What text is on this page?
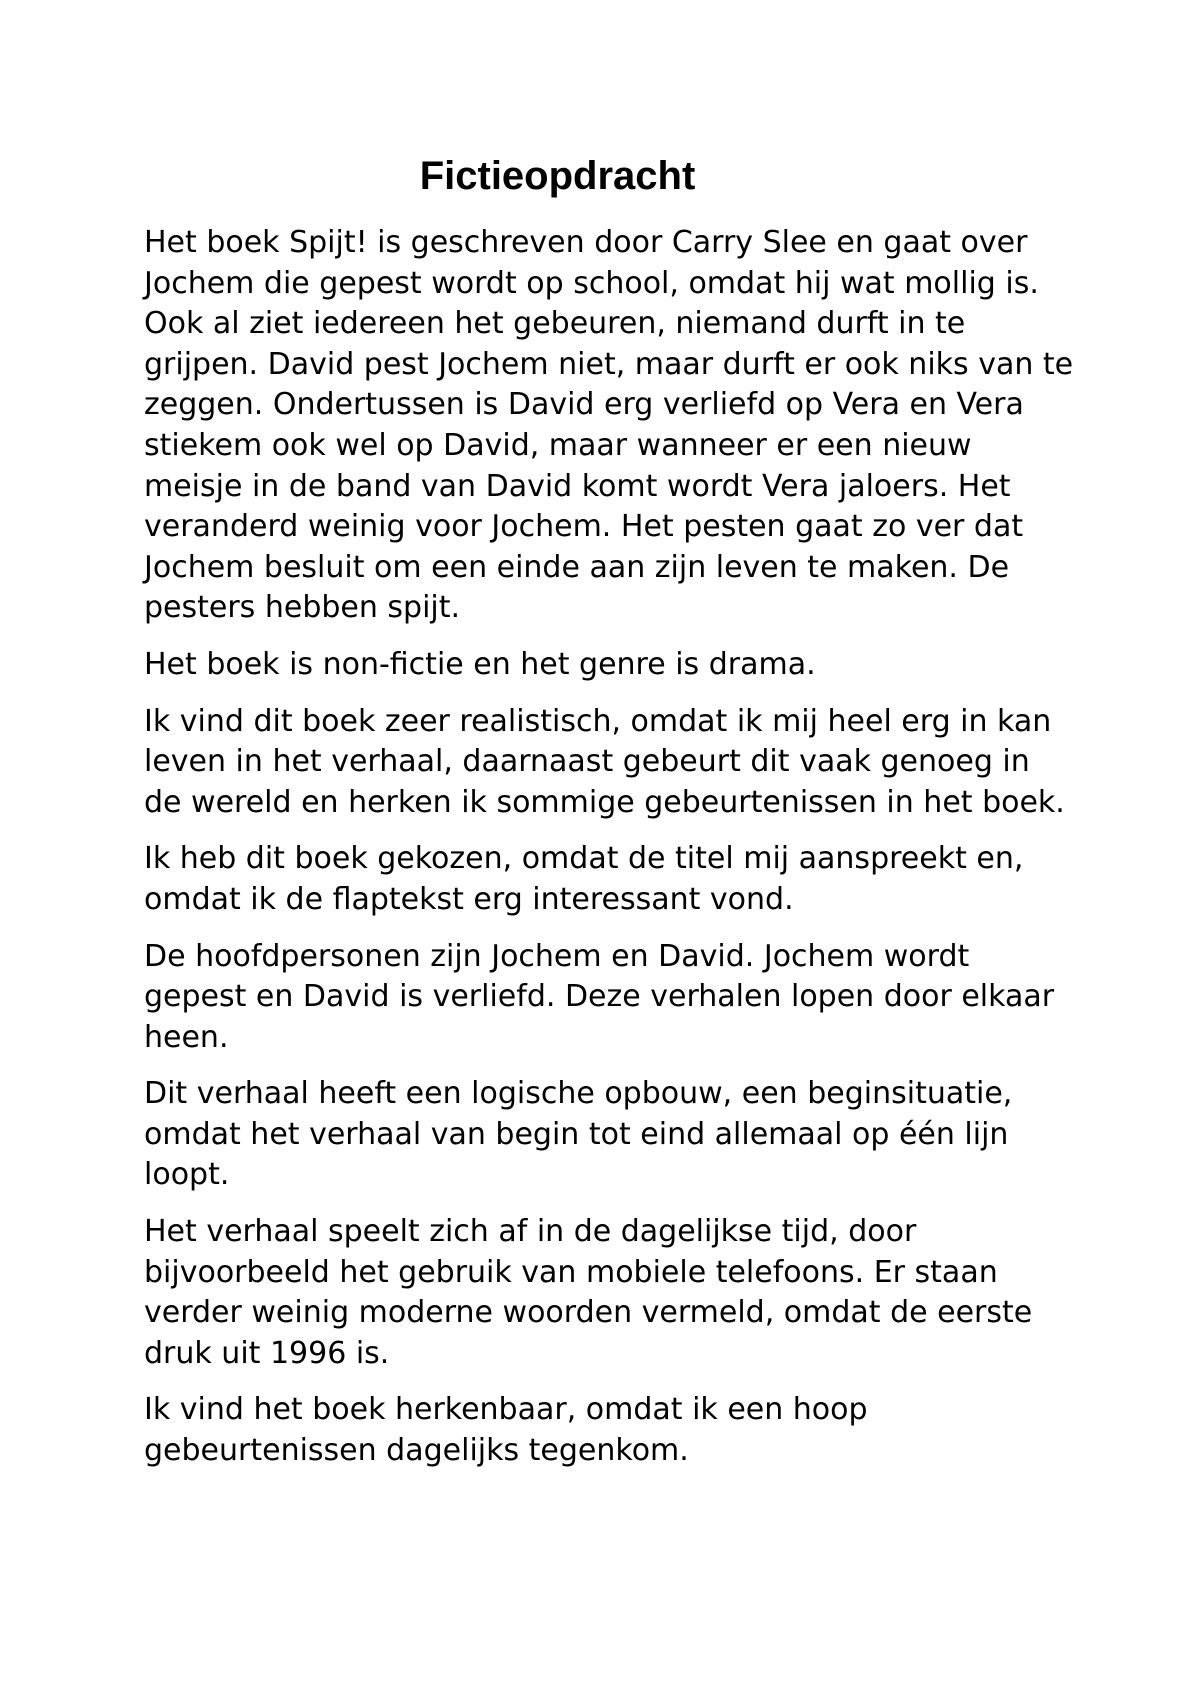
Fictieopdracht

Het boek Spijt! is geschreven door Carry Slee en gaat over Jochem die gepest wordt op school, omdat hij wat mollig is. Ook al ziet iedereen het gebeuren, niemand durft in te grijpen. David pest Jochem niet, maar durft er ook niks van te zeggen. Ondertussen is David erg verliefd op Vera en Vera stiekem ook wel op David, maar wanneer er een nieuw meisje in de band van David komt wordt Vera jaloers. Het veranderd weinig voor Jochem. Het pesten gaat zo ver dat Jochem besluit om een einde aan zijn leven te maken. De pesters hebben spijt.

Het boek is non-fictie en het genre is drama.

Ik vind dit boek zeer realistisch, omdat ik mij heel erg in kan leven in het verhaal, daarnaast gebeurt dit vaak genoeg in de wereld en herken ik sommige gebeurtenissen in het boek.

Ik heb dit boek gekozen, omdat de titel mij aanspreekt en, omdat ik de flaptekst erg interessant vond.

De hoofdpersonen zijn Jochem en David. Jochem wordt gepest en David is verliefd. Deze verhalen lopen door elkaar heen.

Dit verhaal heeft een logische opbouw, een beginsituatie, omdat het verhaal van begin tot eind allemaal op één lijn loopt.

Het verhaal speelt zich af in de dagelijkse tijd, door bijvoorbeeld het gebruik van mobiele telefoons. Er staan verder weinig moderne woorden vermeld, omdat de eerste druk uit 1996 is.

Ik vind het boek herkenbaar, omdat ik een hoop gebeurtenissen dagelijks tegenkom.
